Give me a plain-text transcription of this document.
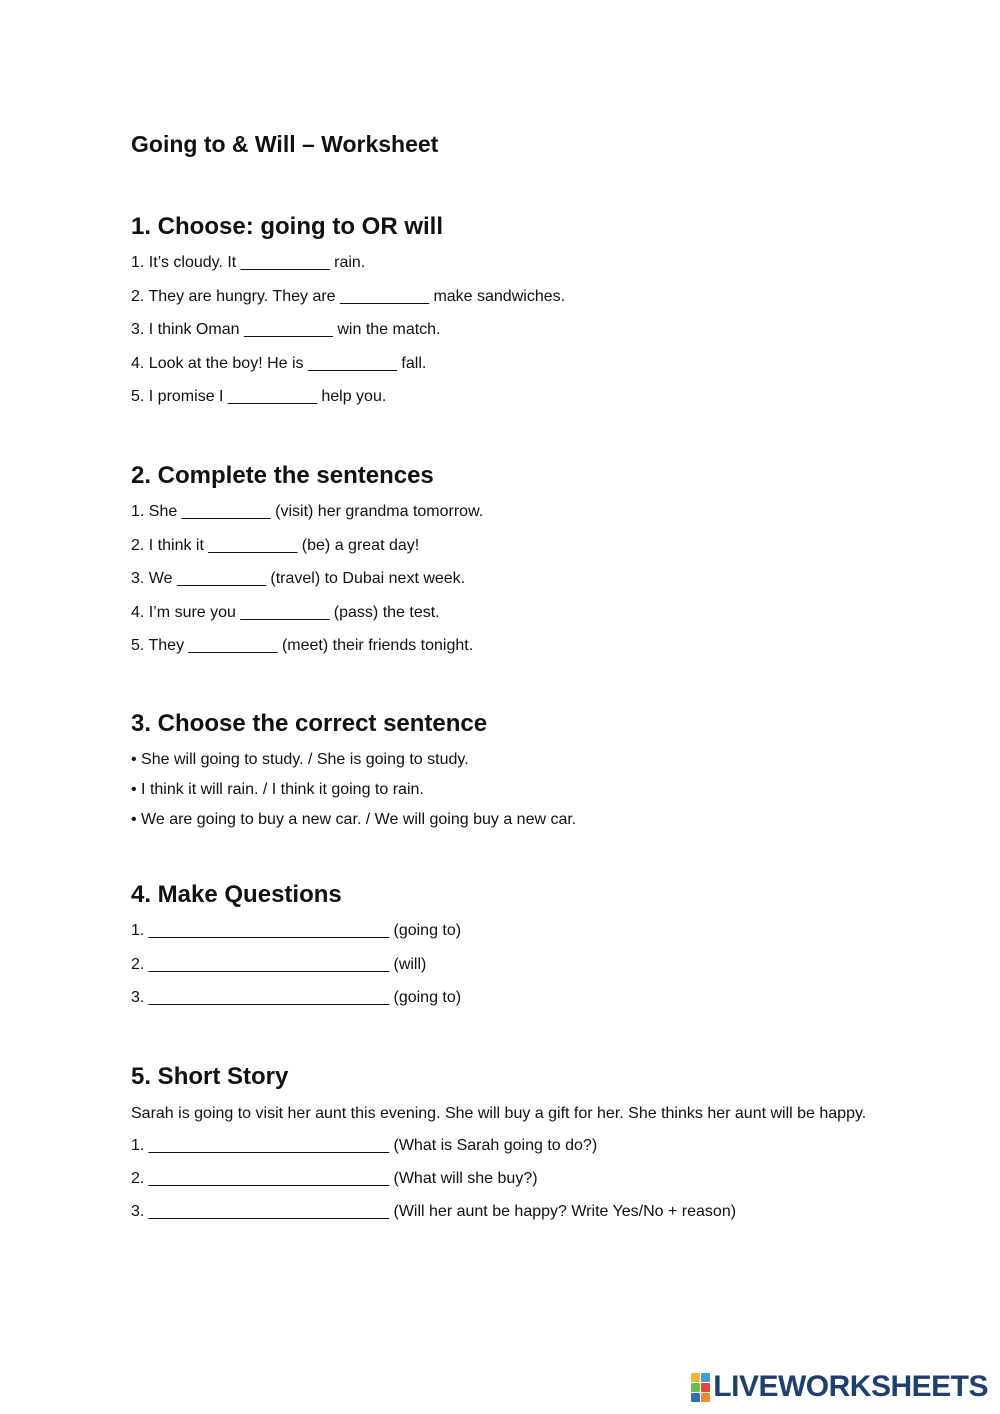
Going to & Will – Worksheet
1. Choose: going to OR will
1. It’s cloudy. It __________ rain.
2. They are hungry. They are __________ make sandwiches.
3. I think Oman __________ win the match.
4. Look at the boy! He is __________ fall.
5. I promise I __________ help you.
2. Complete the sentences
1. She __________ (visit) her grandma tomorrow.
2. I think it __________ (be) a great day!
3. We __________ (travel) to Dubai next week.
4. I’m sure you __________ (pass) the test.
5. They __________ (meet) their friends tonight.
3. Choose the correct sentence
• She will going to study. / She is going to study.
• I think it will rain. / I think it going to rain.
• We are going to buy a new car. / We will going buy a new car.
4. Make Questions
1. ___________________________ (going to)
2. ___________________________ (will)
3. ___________________________ (going to)
5. Short Story
Sarah is going to visit her aunt this evening. She will buy a gift for her. She thinks her aunt will be happy.
1. ___________________________ (What is Sarah going to do?)
2. ___________________________ (What will she buy?)
3. ___________________________ (Will her aunt be happy? Write Yes/No + reason)
LIVEWORKSHEETS
